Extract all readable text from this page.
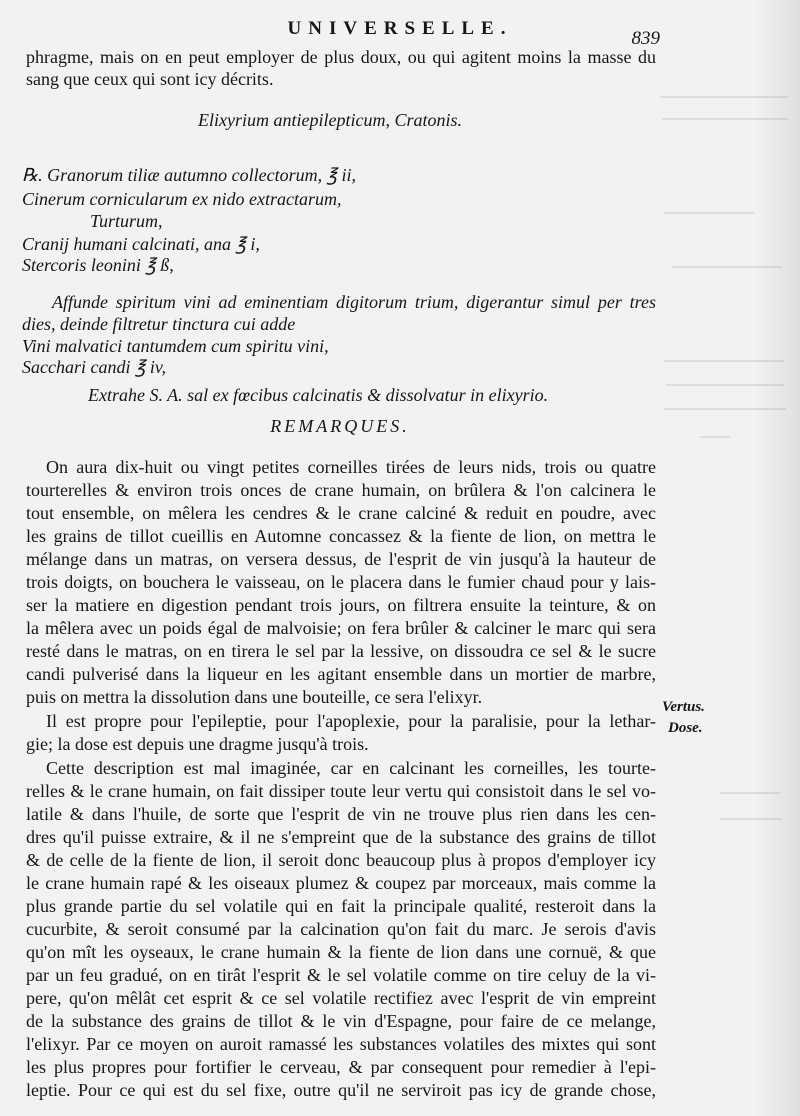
UNIVERSELLE.	839
phragme, mais on en peut employer de plus doux, ou qui agitent moins la masse du
sang que ceux qui sont icy décrits.
Elixyrium antiepilepticum, Cratonis.
℞. Granorum tiliæ autumno collectorum, ℥ ii,
Cinerum cornicularum ex nido extractarum,
Turturum,
Cranij humani calcinati, ana ℥ i,
Stercoris leonini ℥ ß,
Affunde spiritum vini ad eminentiam digitorum trium, digerantur simul per tres
dies, deinde filtretur tinctura cui adde
Vini malvatici tantumdem cum spiritu vini,
Sacchari candi ℥ iv,
Extrahe S. A. sal ex fœcibus calcinatis & dissolvatur in elixyrio.
REMARQUES.
On aura dix-huit ou vingt petites corneilles tirées de leurs nids, trois ou quatre
tourterelles & environ trois onces de crane humain, on brûlera & l'on calcinera le
tout ensemble, on mêlera les cendres & le crane calciné & reduit en poudre, avec
les grains de tillot cueillis en Automne concassez & la fiente de lion, on mettra le
mélange dans un matras, on versera dessus, de l'esprit de vin jusqu'à la hauteur de
trois doigts, on bouchera le vaisseau, on le placera dans le fumier chaud pour y lais-
ser la matiere en digestion pendant trois jours, on filtrera ensuite la teinture, & on
la mêlera avec un poids égal de malvoisie; on fera brûler & calciner le marc qui sera
resté dans le matras, on en tirera le sel par la lessive, on dissoudra ce sel & le sucre
candi pulverisé dans la liqueur en les agitant ensemble dans un mortier de marbre,
puis on mettra la dissolution dans une bouteille, ce sera l'elixyr.
Il est propre pour l'epileptie, pour l'apoplexie, pour la paralisie, pour la lethar-
gie; la dose est depuis une dragme jusqu'à trois.
Cette description est mal imaginée, car en calcinant les corneilles, les tourte-
relles & le crane humain, on fait dissiper toute leur vertu qui consistoit dans le sel vo-
latile & dans l'huile, de sorte que l'esprit de vin ne trouve plus rien dans les cen-
dres qu'il puisse extraire, & il ne s'empreint que de la substance des grains de tillot
& de celle de la fiente de lion, il seroit donc beaucoup plus à propos d'employer icy
le crane humain rapé & les oiseaux plumez & coupez par morceaux, mais comme la
plus grande partie du sel volatile qui en fait la principale qualité, resteroit dans la
cucurbite, & seroit consumé par la calcination qu'on fait du marc. Je serois d'avis
qu'on mît les oyseaux, le crane humain & la fiente de lion dans une cornuë, & que
par un feu gradué, on en tirât l'esprit & le sel volatile comme on tire celuy de la vi-
pere, qu'on mêlât cet esprit & ce sel volatile rectifiez avec l'esprit de vin empreint
de la substance des grains de tillot & le vin d'Espagne, pour faire de ce melange,
l'elixyr. Par ce moyen on auroit ramassé les substances volatiles des mixtes qui sont
les plus propres pour fortifier le cerveau, & par consequent pour remedier à l'epi-
leptie. Pour ce qui est du sel fixe, outre qu'il ne serviroit pas icy de grande chose,
Vertus.
Dose.
